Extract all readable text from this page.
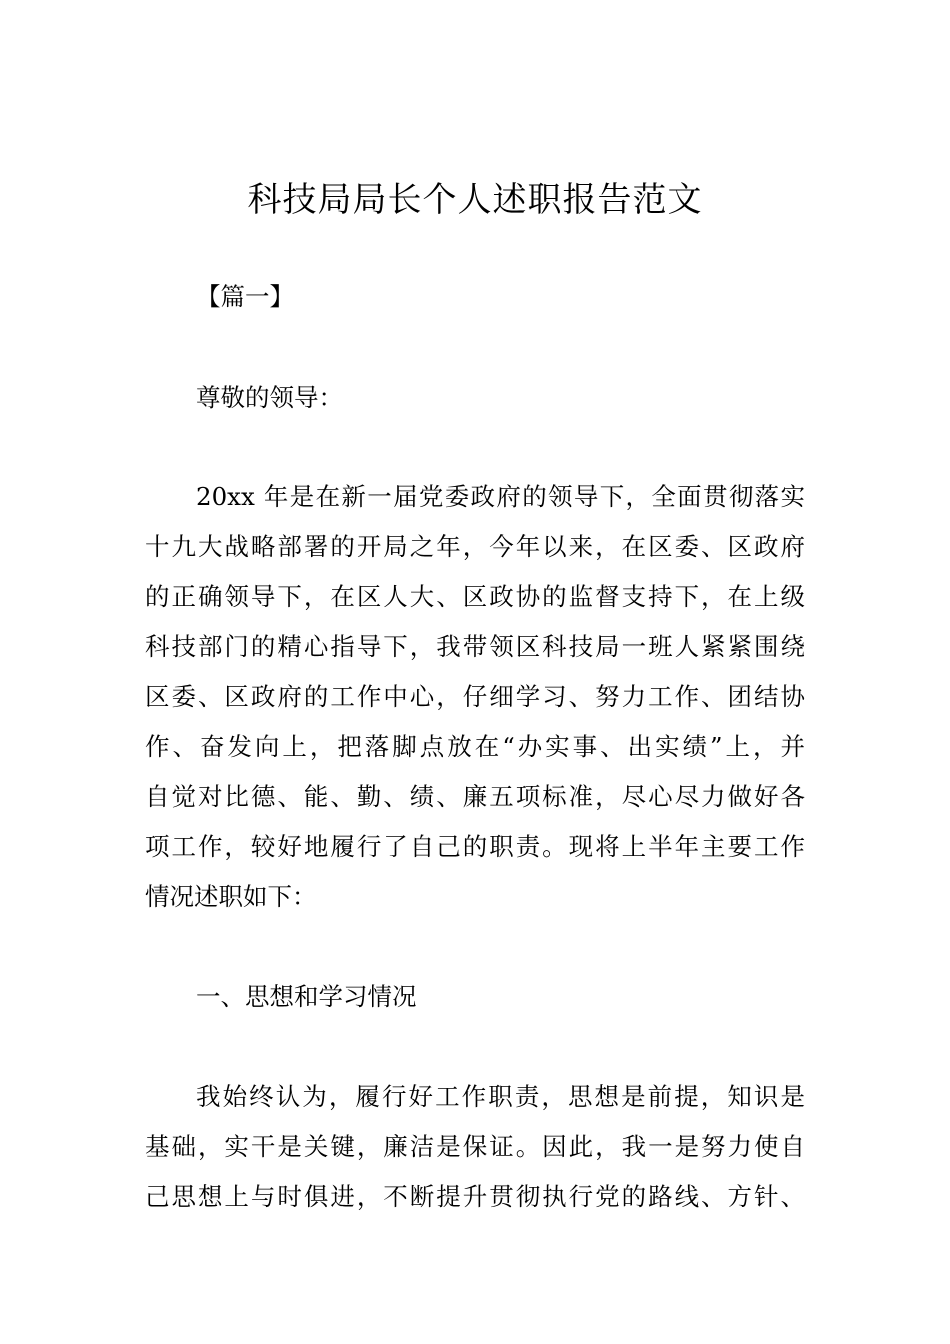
科技局局长个人述职报告范文
【篇一】
尊敬的领导：
20xx 年是在新一届党委政府的领导下，全面贯彻落实
十九大战略部署的开局之年，今年以来，在区委、区政府
的正确领导下，在区人大、区政协的监督支持下，在上级
科技部门的精心指导下，我带领区科技局一班人紧紧围绕
区委、区政府的工作中心，仔细学习、努力工作、团结协
作、奋发向上，把落脚点放在“办实事、出实绩”上，并
自觉对比德、能、勤、绩、廉五项标准，尽心尽力做好各
项工作，较好地履行了自己的职责。现将上半年主要工作
情况述职如下：
一、思想和学习情况
我始终认为，履行好工作职责，思想是前提，知识是
基础，实干是关键，廉洁是保证。因此，我一是努力使自
己思想上与时俱进，不断提升贯彻执行党的路线、方针、
